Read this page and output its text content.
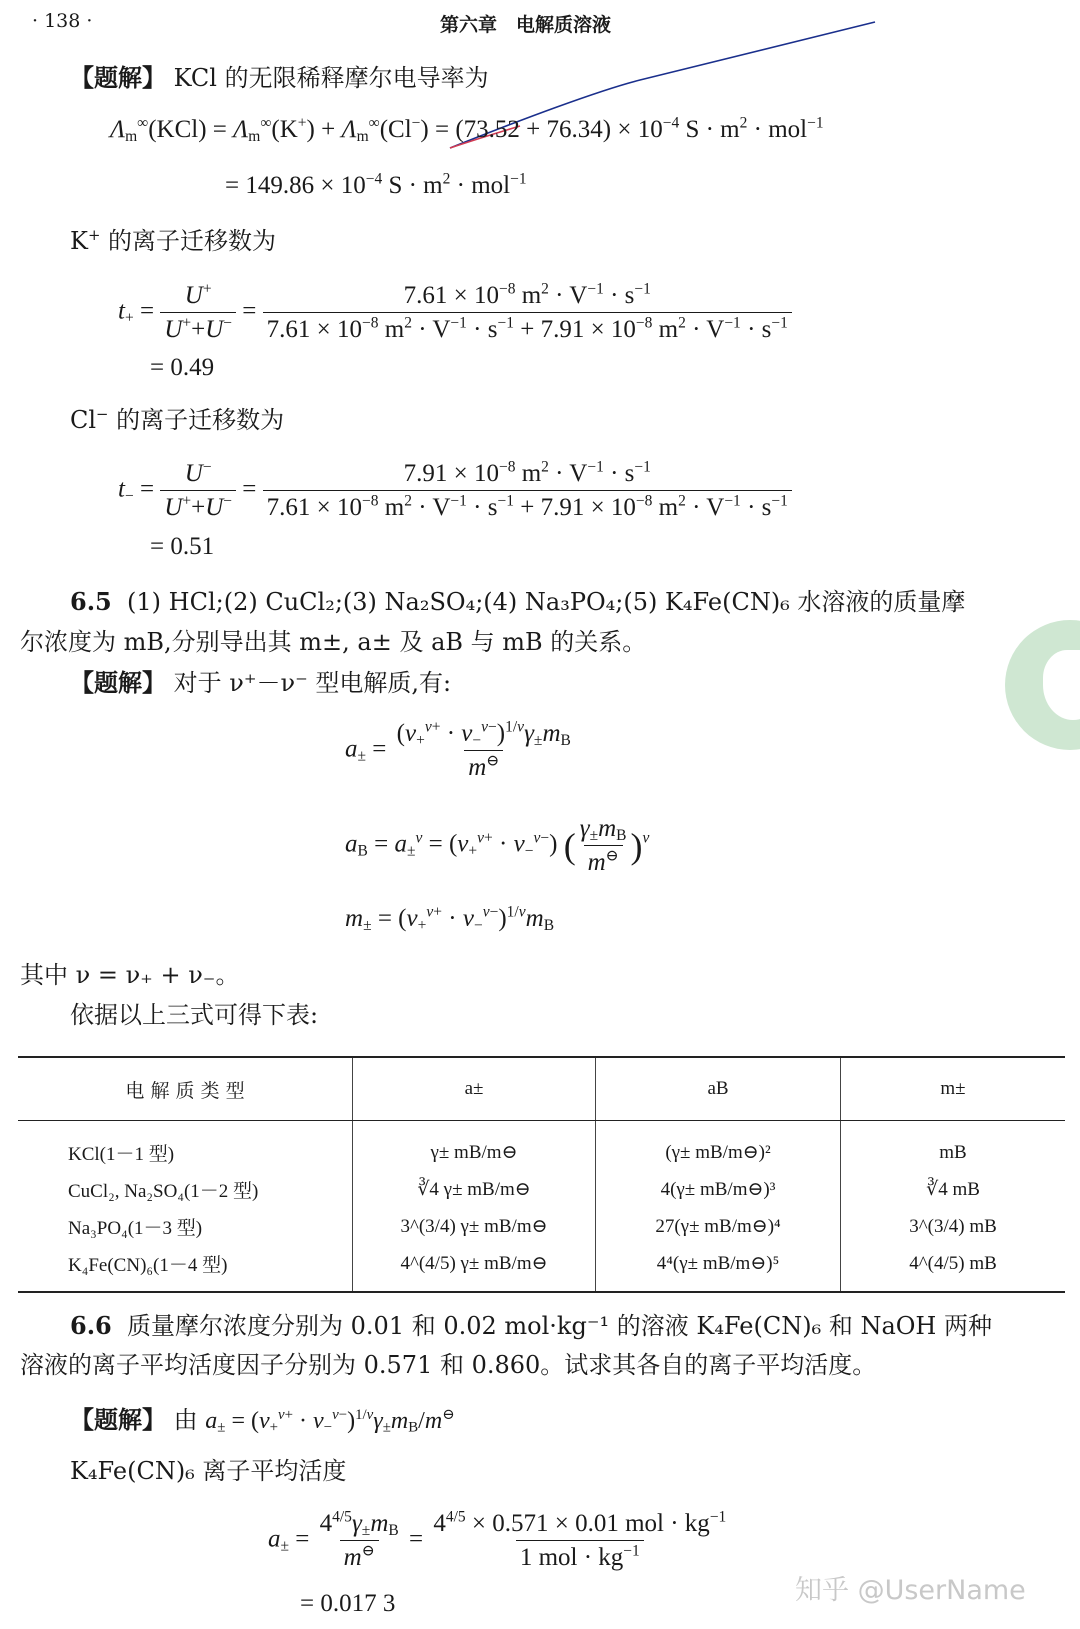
· 138 ·	第六章　电解质溶液
【题解】 KCl 的无限稀释摩尔电导率为
$\Lambda_m^\infty(KCl) = \Lambda_m^\infty(K^+) + \Lambda_m^\infty(Cl^-) = (73.52 + 76.34) \times 10^{-4}$ $S \cdot m^2 \cdot mol^{-1}$
= $149.86 \times 10^{-4}$ $S \cdot m^2 \cdot mol^{-1}$
K+ 的离子迁移数为
$t_+ = \frac{U^+}{U^++U^-} = \frac{7.61 \times 10^{-8} m^2 \cdot V^{-1} \cdot s^{-1}}{7.61 \times 10^{-8} m^2 \cdot V^{-1} \cdot s^{-1} + 7.91 \times 10^{-8} m^2 \cdot V^{-1} \cdot s^{-1}}$
= 0.49
Cl− 的离子迁移数为
$t_- = \frac{U^-}{U^++U^-} = \frac{7.91 \times 10^{-8} m^2 \cdot V^{-1} \cdot s^{-1}}{7.61 \times 10^{-8} m^2 \cdot V^{-1} \cdot s^{-1} + 7.91 \times 10^{-8} m^2 \cdot V^{-1} \cdot s^{-1}}$
= 0.51
6.5 (1) HCl;(2) CuCl₂;(3) Na₂SO₄;(4) Na₃PO₄;(5) K₄Fe(CN)₆ 水溶液的质量摩
尔浓度为 mB,分别导出其 m±, a± 及 aB 与 mB 的关系。
【题解】 对于 ν⁺－ν⁻ 型电解质,有:
$a_\pm = \frac{(\nu_+^{\nu+} \cdot \nu_-^{\nu-})^{1/\nu}\gamma_\pm m_B}{m^⊖}$
$a_B = a_\pm^\nu = (\nu_+^{\nu+} \cdot \nu_-^{\nu-})$ ( $\frac{\gamma_\pm m_B}{m^⊖} )^\nu$
$m_\pm = (\nu_+^{\nu+} \cdot \nu_-^{\nu-})^{1/\nu}m_B$
其中 ν = ν₊ + ν₋。
依据以上三式可得下表:
电 解 质 类 型	a±	aB	m±
KCl(1－1 型)	γ± mB/m⊖	(γ± mB/m⊖)²	mB
CuCl₂, Na₂SO₄(1－2 型)	∛4 γ± mB/m⊖	4(γ± mB/m⊖)³	∛4 mB
Na₃PO₄(1－3 型)	3^(3/4) γ± mB/m⊖	27(γ± mB/m⊖)⁴	3^(3/4) mB
K₄Fe(CN)₆(1－4 型)	4^(4/5) γ± mB/m⊖	4⁴(γ± mB/m⊖)⁵	4^(4/5) mB
6.6 质量摩尔浓度分别为 0.01 和 0.02 mol·kg⁻¹ 的溶液 K₄Fe(CN)₆ 和 NaOH 两种
溶液的离子平均活度因子分别为 0.571 和 0.860。试求其各自的离子平均活度。
【题解】 由 $a_\pm = (\nu_+^{\nu+} \cdot \nu_-^{\nu-})^{1/\nu}\gamma_\pm m_B/m^⊖$
K₄Fe(CN)₆ 离子平均活度
$a_\pm = \frac{4^{4/5}\gamma_\pm m_B}{m^⊖} = \frac{4^{4/5} \times 0.571 \times 0.01 mol \cdot kg^{-1}}{1 mol \cdot kg^{-1}}$
= 0.017 3	知乎 @UserName
